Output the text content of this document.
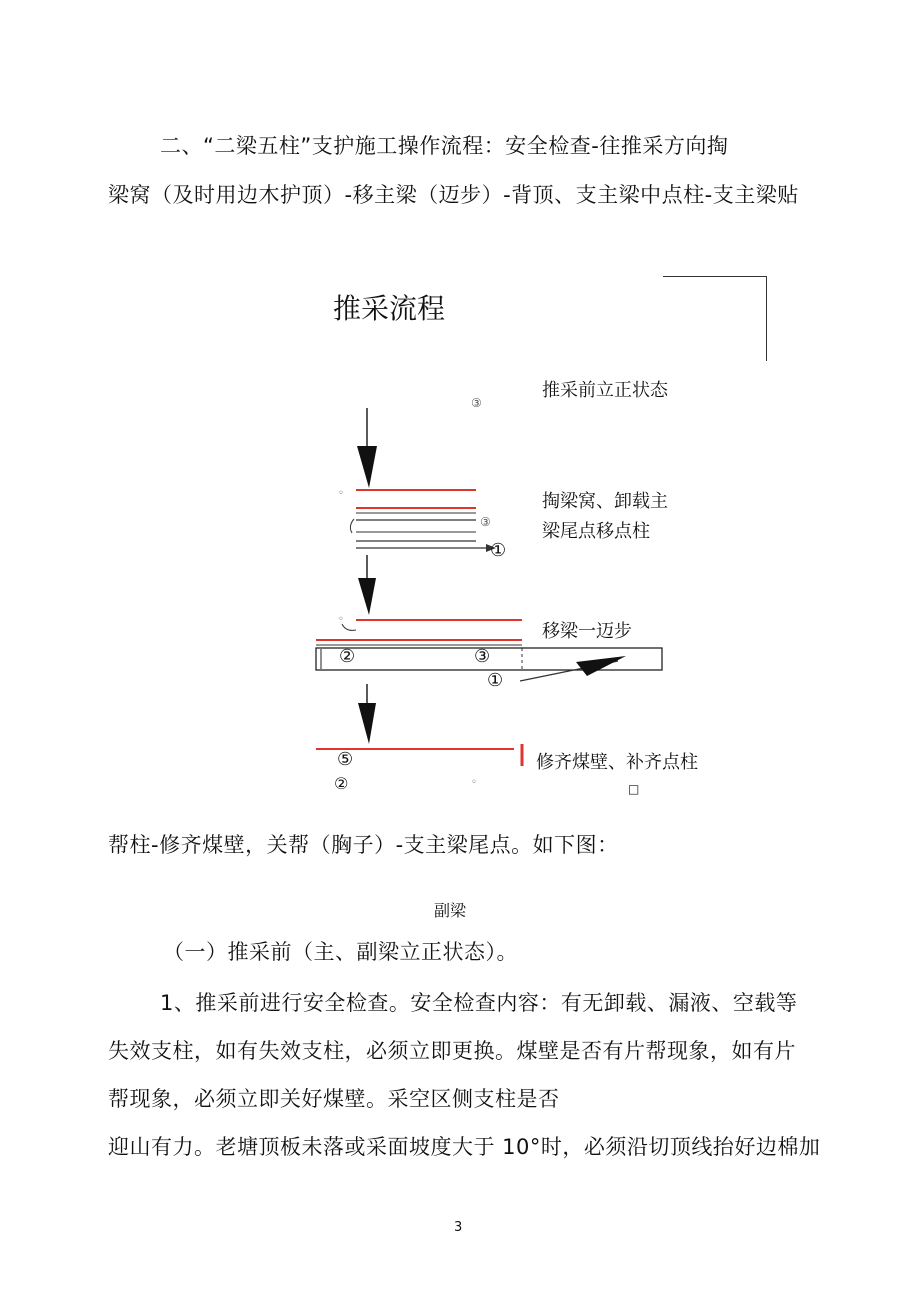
二、“二梁五柱”支护施工操作流程：安全检查-往推采方向掏
梁窝（及时用边木护顶）-移主梁（迈步）-背顶、支主梁中点柱-支主梁贴
推采流程
推采前立正状态
掏梁窝、卸载主
梁尾点移点柱
移梁一迈步
修齐煤壁、补齐点柱
③
◦
③
①
◦
②	③
①
⑤
②	◦	□
帮柱-修齐煤壁，关帮（胸子）-支主梁尾点。如下图：
副梁
（一）推采前（主、副梁立正状态）。
1、推采前进行安全检查。安全检查内容：有无卸载、漏液、空载等
失效支柱，如有失效支柱，必须立即更换。煤壁是否有片帮现象，如有片
帮现象，必须立即关好煤壁。采空区侧支柱是否
迎山有力。老塘顶板未落或采面坡度大于 10°时，必须沿切顶线抬好边棉加
3
